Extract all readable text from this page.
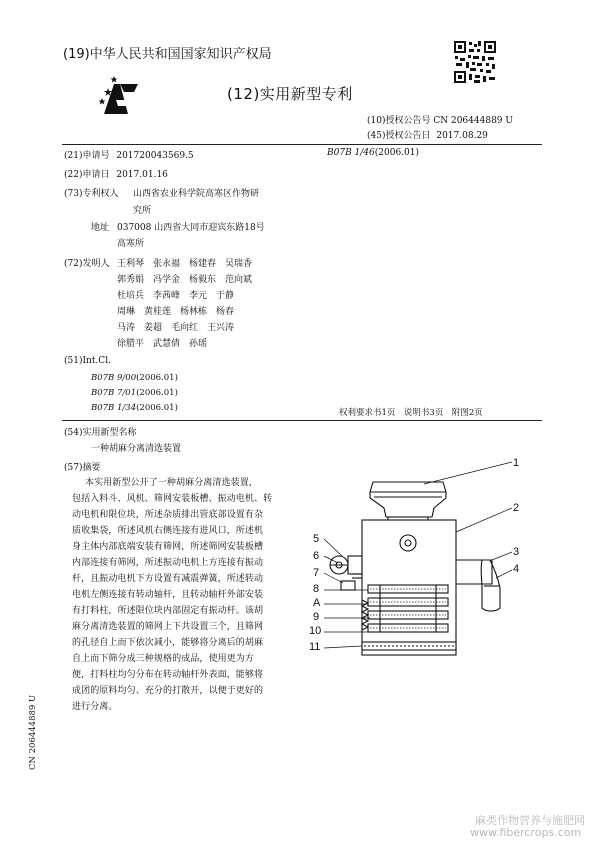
(19)中华人民共和国国家知识产权局
(12)实用新型专利
(10)授权公告号 CN 206444889 U
(45)授权公告日 2017.08.29
(21)申请号 201720043569.5	B07B 1/46(2006.01)
(22)申请日 2017.01.16
(73)专利权人 山西省农业科学院高寒区作物研
究所
地址 037008 山西省大同市迎宾东路18号
高寒所
(72)发明人 王利琴　张永福　杨建春　吴瑞香
郭秀娟　冯学金　杨毅东　范向斌
杜培兵　李茜峰　李元　于静
周琳　黄桂莲　杨林栋　杨春
马涛　姜超　毛向红　王兴涛
徐腊平　武慧倩　孙瑶
(51)Int.Cl.
B07B 9/00(2006.01)
B07B 7/01(2006.01)
B07B 1/34(2006.01)	权利要求书1页　说明书3页　附图2页
(54)实用新型名称
一种胡麻分离清选装置
(57)摘要
本实用新型公开了一种胡麻分离清选装置，
包括入料斗、风机、筛网安装板槽、振动电机、转
动电机和限位块，所述杂质排出管底部设置有杂
质收集袋，所述风机右侧连接有进风口，所述机
身主体内部底端安装有筛网，所述筛网安装板槽
内部连接有筛网，所述振动电机上方连接有振动
杆，且振动电机下方设置有减震弹簧，所述转动
电机左侧连接有转动轴杆，且转动轴杆外部安装
有打料柱，所述限位块内部固定有振动杆。该胡
麻分离清选装置的筛网上下共设置三个，且筛网
的孔径自上而下依次减小，能够将分离后的胡麻
自上而下筛分成三种规格的成品，使用更为方
便，打料柱均匀分布在转动轴杆外表面，能够将
成团的原料均匀、充分的打散开，以便于更好的
进行分离。
1
2
3
4
5
6
7
8
A
9
10
11
CN 206444889 U
麻类作物营养与施肥网
www.fibercrops.com
